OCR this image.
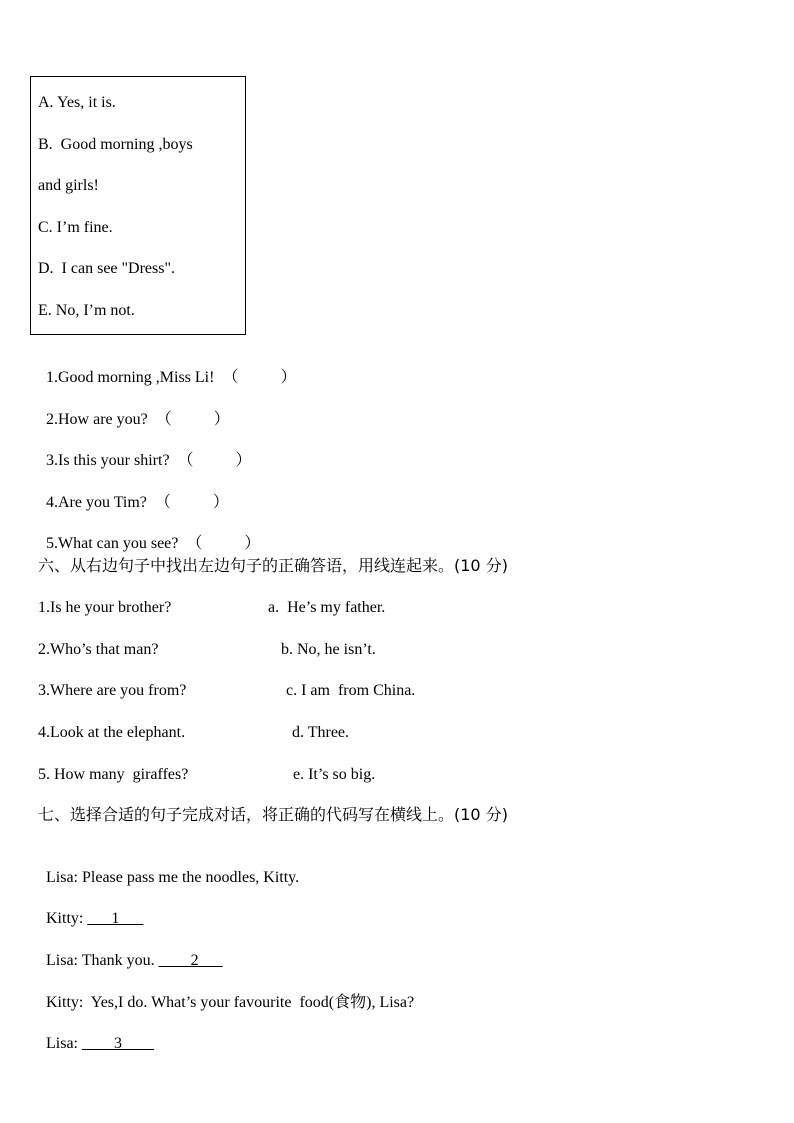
A. Yes, it is.
B.  Good morning ,boys
and girls!
C. I’m fine.
D.  I can see "Dress".
E. No, I’m not.

1.Good morning ,Miss Li! （	）

2.How are you? （	）

3.Is this your shirt? （	）

4.Are you Tim? （	）

5.What can you see? （	）

六、从右边句子中找出左边句子的正确答语，用线连起来。(10 分)
1.Is he your brother?	a.  He’s my father.
2.Who’s that man?	b. No, he isn’t.
3.Where are you from?	c. I am  from China.
4.Look at the elephant.	d. Three.
5. How many  giraffes?	e. It’s so big.
七、选择合适的句子完成对话，将正确的代码写在横线上。(10 分)

Lisa: Please pass me the noodles, Kitty.

Kitty: ___1___

Lisa: Thank you. ____2___

Kitty:  Yes,I do. What’s your favourite  food(食物), Lisa?

Lisa: ____3____
